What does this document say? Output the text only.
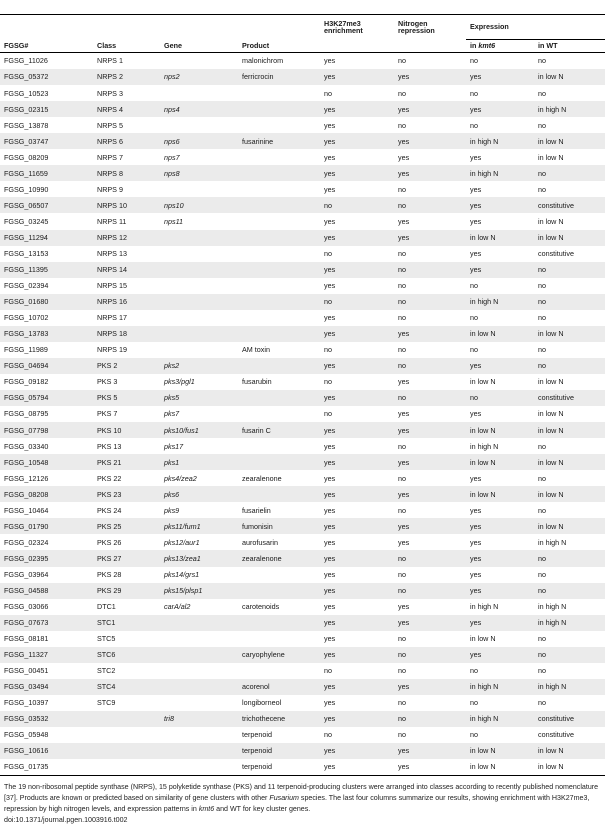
				H3K27me3 enrichment	Nitrogen repression	Expression	
FGSG#	Class	Gene	Product			in kmt6	in WT
FGSG_11026	NRPS 1		malonichrom	yes	no	no	no
FGSG_05372	NRPS 2	nps2	ferricrocin	yes	yes	yes	in low N
FGSG_10523	NRPS 3			no	no	no	no
FGSG_02315	NRPS 4	nps4		yes	yes	yes	in high N
FGSG_13878	NRPS 5			yes	no	no	no
FGSG_03747	NRPS 6	nps6	fusarinine	yes	yes	in high N	in low N
FGSG_08209	NRPS 7	nps7		yes	yes	yes	in low N
FGSG_11659	NRPS 8	nps8		yes	yes	in high N	no
FGSG_10990	NRPS 9			yes	no	yes	no
FGSG_06507	NRPS 10	nps10		no	no	yes	constitutive
FGSG_03245	NRPS 11	nps11		yes	yes	yes	in low N
FGSG_11294	NRPS 12			yes	yes	in low N	in low N
FGSG_13153	NRPS 13			no	no	yes	constitutive
FGSG_11395	NRPS 14			yes	no	yes	no
FGSG_02394	NRPS 15			yes	no	no	no
FGSG_01680	NRPS 16			no	no	in high N	no
FGSG_10702	NRPS 17			yes	no	no	no
FGSG_13783	NRPS 18			yes	yes	in low N	in low N
FGSG_11989	NRPS 19		AM toxin	no	no	no	no
FGSG_04694	PKS 2	pks2		yes	no	yes	no
FGSG_09182	PKS 3	pks3/pgl1	fusarubin	no	yes	in low N	in low N
FGSG_05794	PKS 5	pks5		yes	no	no	constitutive
FGSG_08795	PKS 7	pks7		no	yes	yes	in low N
FGSG_07798	PKS 10	pks10/fus1	fusarin C	yes	yes	in low N	in low N
FGSG_03340	PKS 13	pks17		yes	no	in high N	no
FGSG_10548	PKS 21	pks1		yes	yes	in low N	in low N
FGSG_12126	PKS 22	pks4/zea2	zearalenone	yes	no	yes	no
FGSG_08208	PKS 23	pks6		yes	yes	in low N	in low N
FGSG_10464	PKS 24	pks9	fusarielin	yes	no	yes	no
FGSG_01790	PKS 25	pks11/fum1	fumonisin	yes	yes	yes	in low N
FGSG_02324	PKS 26	pks12/aur1	aurofusarin	yes	yes	yes	in high N
FGSG_02395	PKS 27	pks13/zea1	zearalenone	yes	no	yes	no
FGSG_03964	PKS 28	pks14/grs1		yes	no	yes	no
FGSG_04588	PKS 29	pks15/plsp1		yes	no	yes	no
FGSG_03066	DTC1	carA/al2	carotenoids	yes	yes	in high N	in high N
FGSG_07673	STC1			yes	yes	yes	in high N
FGSG_08181	STC5			yes	no	in low N	no
FGSG_11327	STC6		caryophylene	yes	no	yes	no
FGSG_00451	STC2			no	no	no	no
FGSG_03494	STC4		acorenol	yes	yes	in high N	in high N
FGSG_10397	STC9		longiborneol	yes	no	no	no
FGSG_03532		tri8	trichothecene	yes	no	in high N	constitutive
FGSG_05948			terpenoid	no	no	no	constitutive
FGSG_10616			terpenoid	yes	yes	in low N	in low N
FGSG_01735			terpenoid	yes	yes	in low N	in low N

The 19 non-ribosomal peptide synthase (NRPS), 15 polyketide synthase (PKS) and 11 terpenoid-producing clusters were arranged into classes according to recently published nomenclature [37]. Products are known or predicted based on similarity of gene clusters with other Fusarium species. The last four columns summarize our results, showing enrichment with H3K27me3, repression by high nitrogen levels, and expression patterns in kmt6 and WT for key cluster genes.

doi:10.1371/journal.pgen.1003916.t002
